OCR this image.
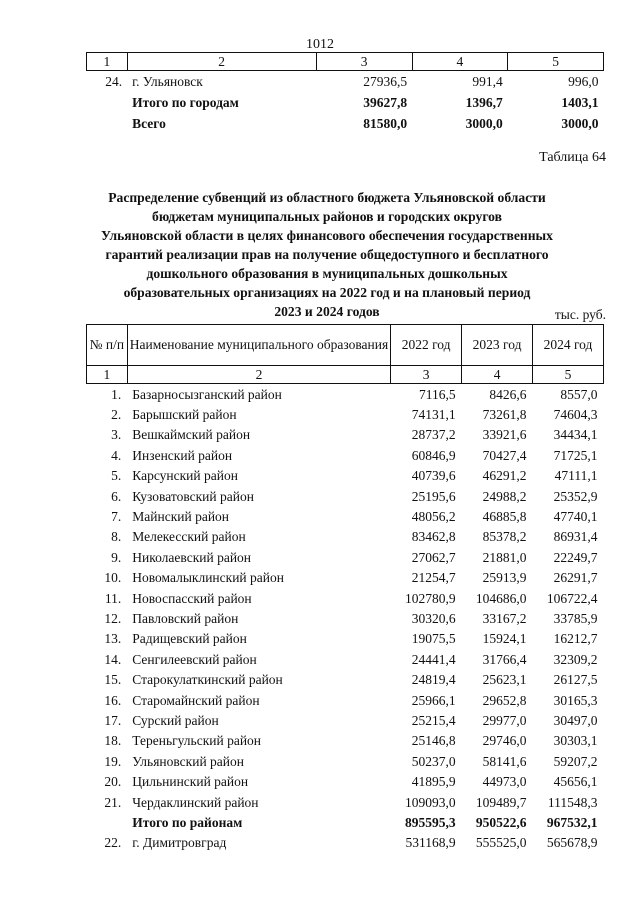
1012
1	2	3	4	5
24.	г. Ульяновск	27936,5	991,4	996,0
	Итого по городам	39627,8	1396,7	1403,1
	Всего	81580,0	3000,0	3000,0
Таблица 64
Распределение субвенций из областного бюджета Ульяновской области
бюджетам муниципальных районов и городских округов
Ульяновской области в целях финансового обеспечения государственных
гарантий реализации прав на получение общедоступного и бесплатного
дошкольного образования в муниципальных дошкольных
образовательных организациях на 2022 год и на плановый период
2023 и 2024 годов	тыс. руб.
№ п/п	Наименование муниципального образования	2022 год	2023 год	2024 год
1	2	3	4	5
1.	Базарносызганский район	7116,5	8426,6	8557,0
2.	Барышский район	74131,1	73261,8	74604,3
3.	Вешкаймский район	28737,2	33921,6	34434,1
4.	Инзенский район	60846,9	70427,4	71725,1
5.	Карсунский район	40739,6	46291,2	47111,1
6.	Кузоватовский район	25195,6	24988,2	25352,9
7.	Майнский район	48056,2	46885,8	47740,1
8.	Мелекесский район	83462,8	85378,2	86931,4
9.	Николаевский район	27062,7	21881,0	22249,7
10.	Новомалыклинский район	21254,7	25913,9	26291,7
11.	Новоспасский район	102780,9	104686,0	106722,4
12.	Павловский район	30320,6	33167,2	33785,9
13.	Радищевский район	19075,5	15924,1	16212,7
14.	Сенгилеевский район	24441,4	31766,4	32309,2
15.	Старокулаткинский район	24819,4	25623,1	26127,5
16.	Старомайнский район	25966,1	29652,8	30165,3
17.	Сурский район	25215,4	29977,0	30497,0
18.	Тереньгульский район	25146,8	29746,0	30303,1
19.	Ульяновский район	50237,0	58141,6	59207,2
20.	Цильнинский район	41895,9	44973,0	45656,1
21.	Чердаклинский район	109093,0	109489,7	111548,3
	Итого по районам	895595,3	950522,6	967532,1
22.	г. Димитровград	531168,9	555525,0	565678,9
